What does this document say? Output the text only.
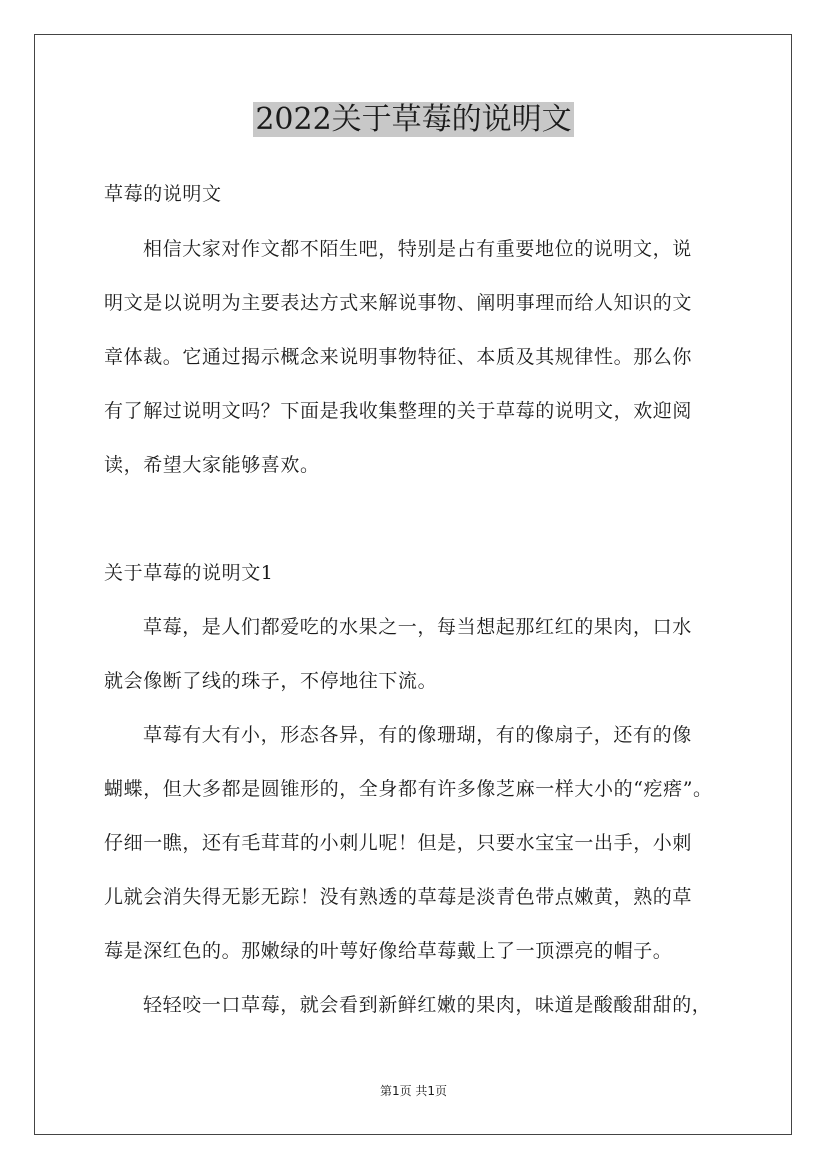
2022关于草莓的说明文
草莓的说明文
相信大家对作文都不陌生吧，特别是占有重要地位的说明文，说
明文是以说明为主要表达方式来解说事物、阐明事理而给人知识的文
章体裁。它通过揭示概念来说明事物特征、本质及其规律性。那么你
有了解过说明文吗？下面是我收集整理的关于草莓的说明文，欢迎阅
读，希望大家能够喜欢。
关于草莓的说明文1
草莓，是人们都爱吃的水果之一，每当想起那红红的果肉，口水
就会像断了线的珠子，不停地往下流。
草莓有大有小，形态各异，有的像珊瑚，有的像扇子，还有的像
蝴蝶，但大多都是圆锥形的，全身都有许多像芝麻一样大小的“疙瘩”。
仔细一瞧，还有毛茸茸的小刺儿呢！但是，只要水宝宝一出手，小刺
儿就会消失得无影无踪！没有熟透的草莓是淡青色带点嫩黄，熟的草
莓是深红色的。那嫩绿的叶萼好像给草莓戴上了一顶漂亮的帽子。
轻轻咬一口草莓，就会看到新鲜红嫩的果肉，味道是酸酸甜甜的，
第1页 共1页
